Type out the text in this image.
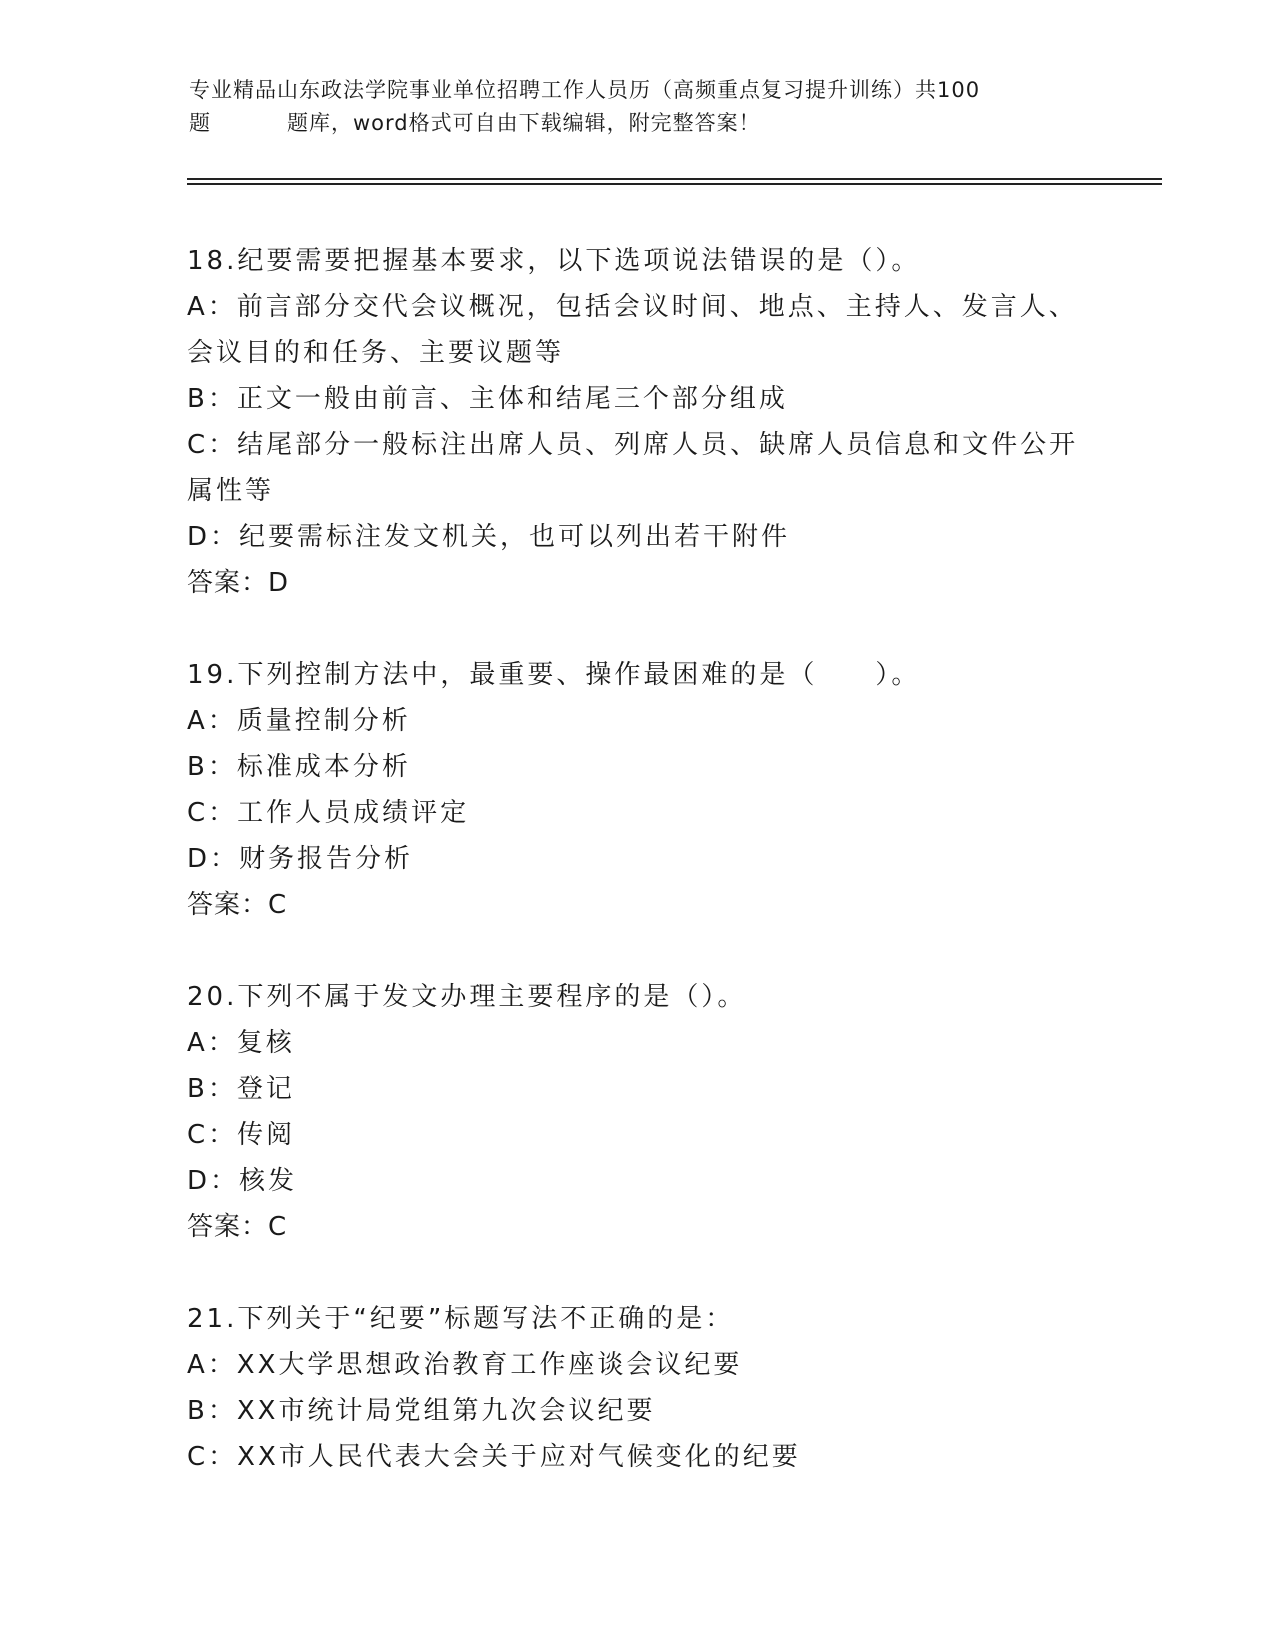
专业精品山东政法学院事业单位招聘工作人员历（高频重点复习提升训练）共100
题	题库，word格式可自由下载编辑，附完整答案！
18.纪要需要把握基本要求，以下选项说法错误的是（）。
A：前言部分交代会议概况，包括会议时间、地点、主持人、发言人、
会议目的和任务、主要议题等
B：正文一般由前言、主体和结尾三个部分组成
C：结尾部分一般标注出席人员、列席人员、缺席人员信息和文件公开
属性等
D：纪要需标注发文机关，也可以列出若干附件
答案：D
19.下列控制方法中，最重要、操作最困难的是（　　）。
A：质量控制分析
B：标准成本分析
C：工作人员成绩评定
D：财务报告分析
答案：C
20.下列不属于发文办理主要程序的是（）。
A：复核
B：登记
C：传阅
D：核发
答案：C
21.下列关于“纪要”标题写法不正确的是：
A：XX大学思想政治教育工作座谈会议纪要
B：XX市统计局党组第九次会议纪要
C：XX市人民代表大会关于应对气候变化的纪要
